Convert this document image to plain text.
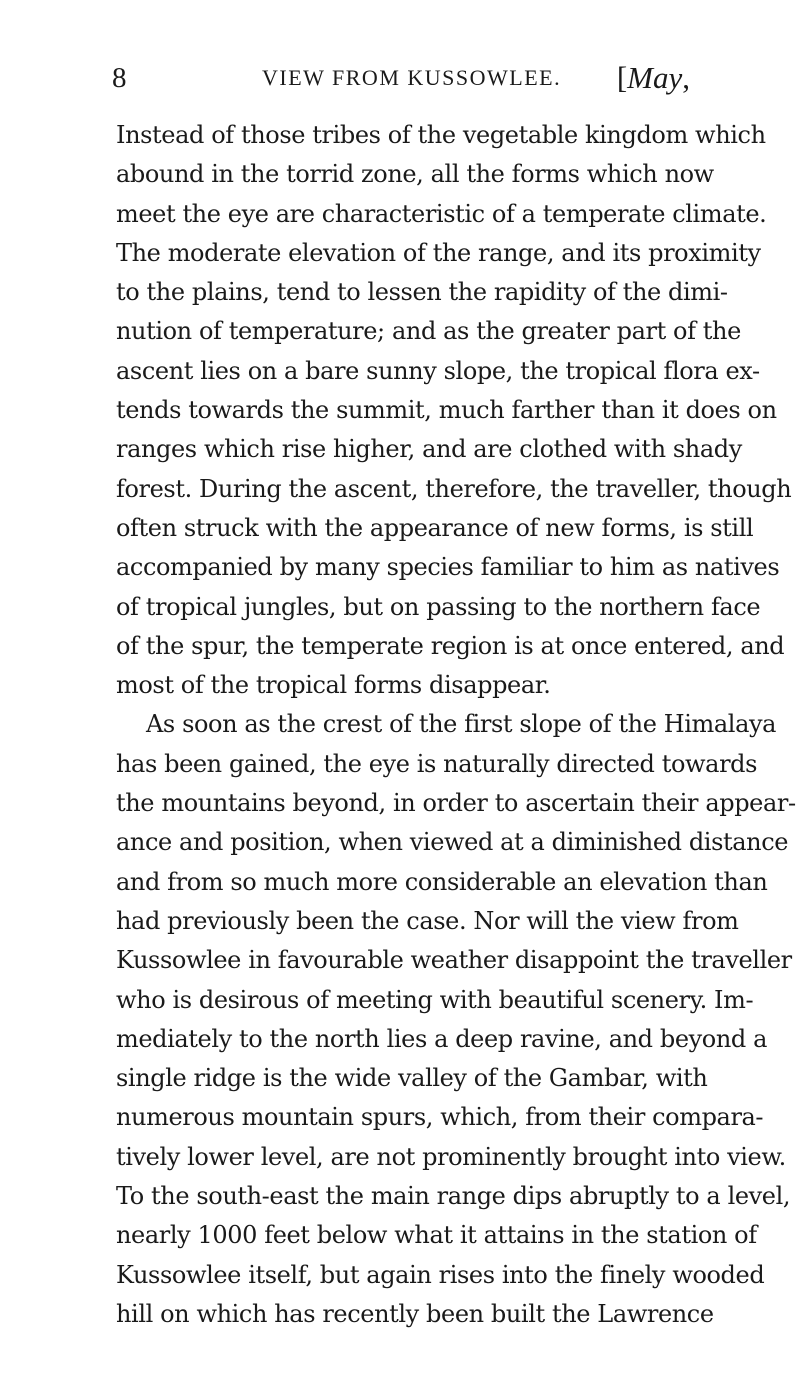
8	VIEW FROM KUSSOWLEE. [May,
Instead of those tribes of the vegetable kingdom which
abound in the torrid zone, all the forms which now
meet the eye are characteristic of a temperate climate.
The moderate elevation of the range, and its proximity
to the plains, tend to lessen the rapidity of the dimi-
nution of temperature; and as the greater part of the
ascent lies on a bare sunny slope, the tropical flora ex-
tends towards the summit, much farther than it does on
ranges which rise higher, and are clothed with shady
forest. During the ascent, therefore, the traveller, though
often struck with the appearance of new forms, is still
accompanied by many species familiar to him as natives
of tropical jungles, but on passing to the northern face
of the spur, the temperate region is at once entered, and
most of the tropical forms disappear.
As soon as the crest of the first slope of the Himalaya
has been gained, the eye is naturally directed towards
the mountains beyond, in order to ascertain their appear-
ance and position, when viewed at a diminished distance
and from so much more considerable an elevation than
had previously been the case. Nor will the view from
Kussowlee in favourable weather disappoint the traveller
who is desirous of meeting with beautiful scenery. Im-
mediately to the north lies a deep ravine, and beyond a
single ridge is the wide valley of the Gambar, with
numerous mountain spurs, which, from their compara-
tively lower level, are not prominently brought into view.
To the south-east the main range dips abruptly to a level,
nearly 1000 feet below what it attains in the station of
Kussowlee itself, but again rises into the finely wooded
hill on which has recently been built the Lawrence
